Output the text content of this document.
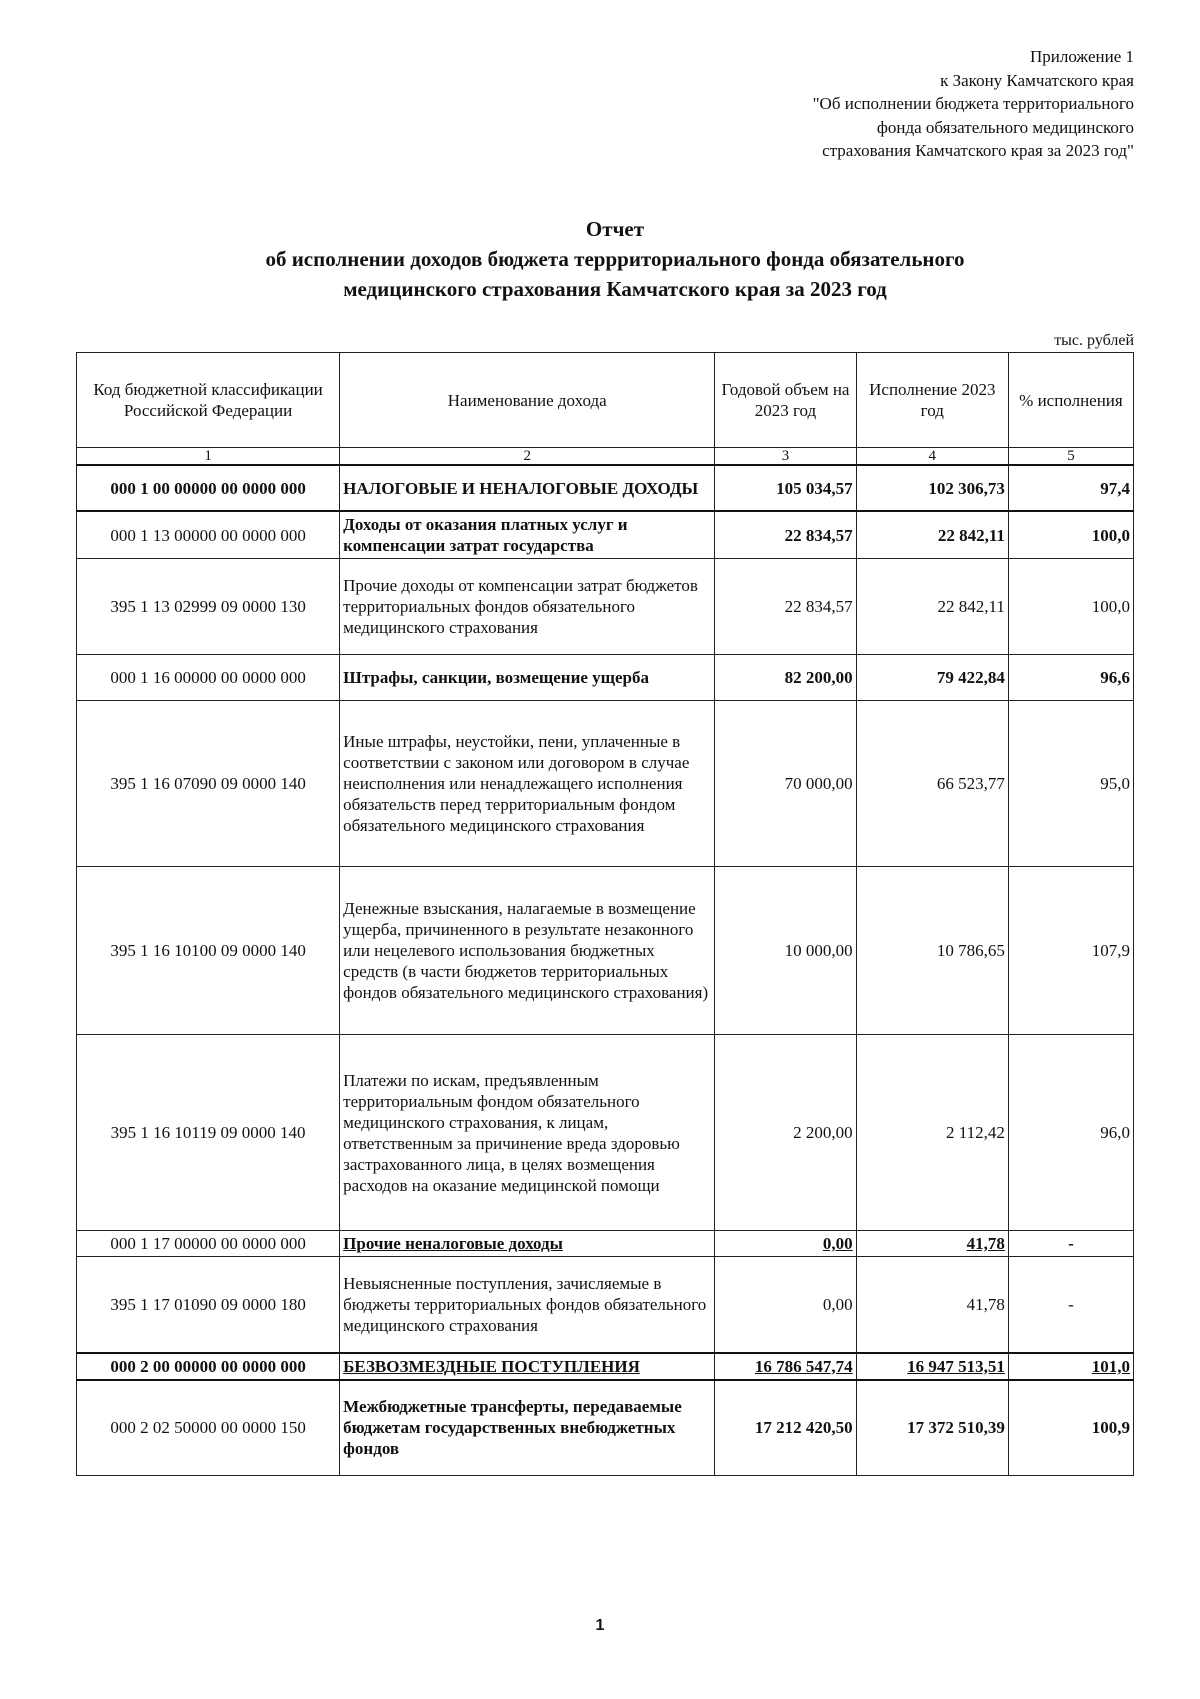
Приложение 1
к Закону Камчатского края
"Об исполнении бюджета территориального
фонда обязательного медицинского
страхования Камчатского края за 2023 год"
Отчет
об исполнении доходов бюджета террриториального фонда обязательного
медицинского страхования Камчатского края за 2023 год
тыс. рублей
Код бюджетной классификации Российской Федерации	Наименование дохода	Годовой объем на 2023 год	Исполнение 2023 год	% исполнения
1	2	3	4	5
000 1 00 00000 00 0000 000	НАЛОГОВЫЕ И НЕНАЛОГОВЫЕ ДОХОДЫ	105 034,57	102 306,73	97,4
000 1 13 00000 00 0000 000	Доходы от оказания платных услуг и компенсации затрат государства	22 834,57	22 842,11	100,0
395 1 13 02999 09 0000 130	Прочие доходы от компенсации затрат бюджетов территориальных фондов обязательного медицинского страхования	22 834,57	22 842,11	100,0
000 1 16 00000 00 0000 000	Штрафы, санкции, возмещение ущерба	82 200,00	79 422,84	96,6
395 1 16 07090 09 0000 140	Иные штрафы, неустойки, пени, уплаченные в соответствии с законом или договором в случае неисполнения или ненадлежащего исполнения обязательств перед территориальным фондом обязательного медицинского страхования	70 000,00	66 523,77	95,0
395 1 16 10100 09 0000 140	Денежные взыскания, налагаемые в возмещение ущерба, причиненного в результате незаконного или нецелевого использования бюджетных средств (в части бюджетов территориальных фондов обязательного медицинского страхования)	10 000,00	10 786,65	107,9
395 1 16 10119 09 0000 140	Платежи по искам, предъявленным территориальным фондом обязательного медицинского страхования, к лицам, ответственным за причинение вреда здоровью застрахованного лица, в целях возмещения расходов на оказание медицинской помощи	2 200,00	2 112,42	96,0
000 1 17 00000 00 0000 000	Прочие неналоговые доходы	0,00	41,78	-
395 1 17 01090 09 0000 180	Невыясненные поступления, зачисляемые в бюджеты территориальных фондов обязательного медицинского страхования	0,00	41,78	-
000 2 00 00000 00 0000 000	БЕЗВОЗМЕЗДНЫЕ ПОСТУПЛЕНИЯ	16 786 547,74	16 947 513,51	101,0
000 2 02 50000 00 0000 150	Межбюджетные трансферты, передаваемые бюджетам государственных внебюджетных фондов	17 212 420,50	17 372 510,39	100,9
1
